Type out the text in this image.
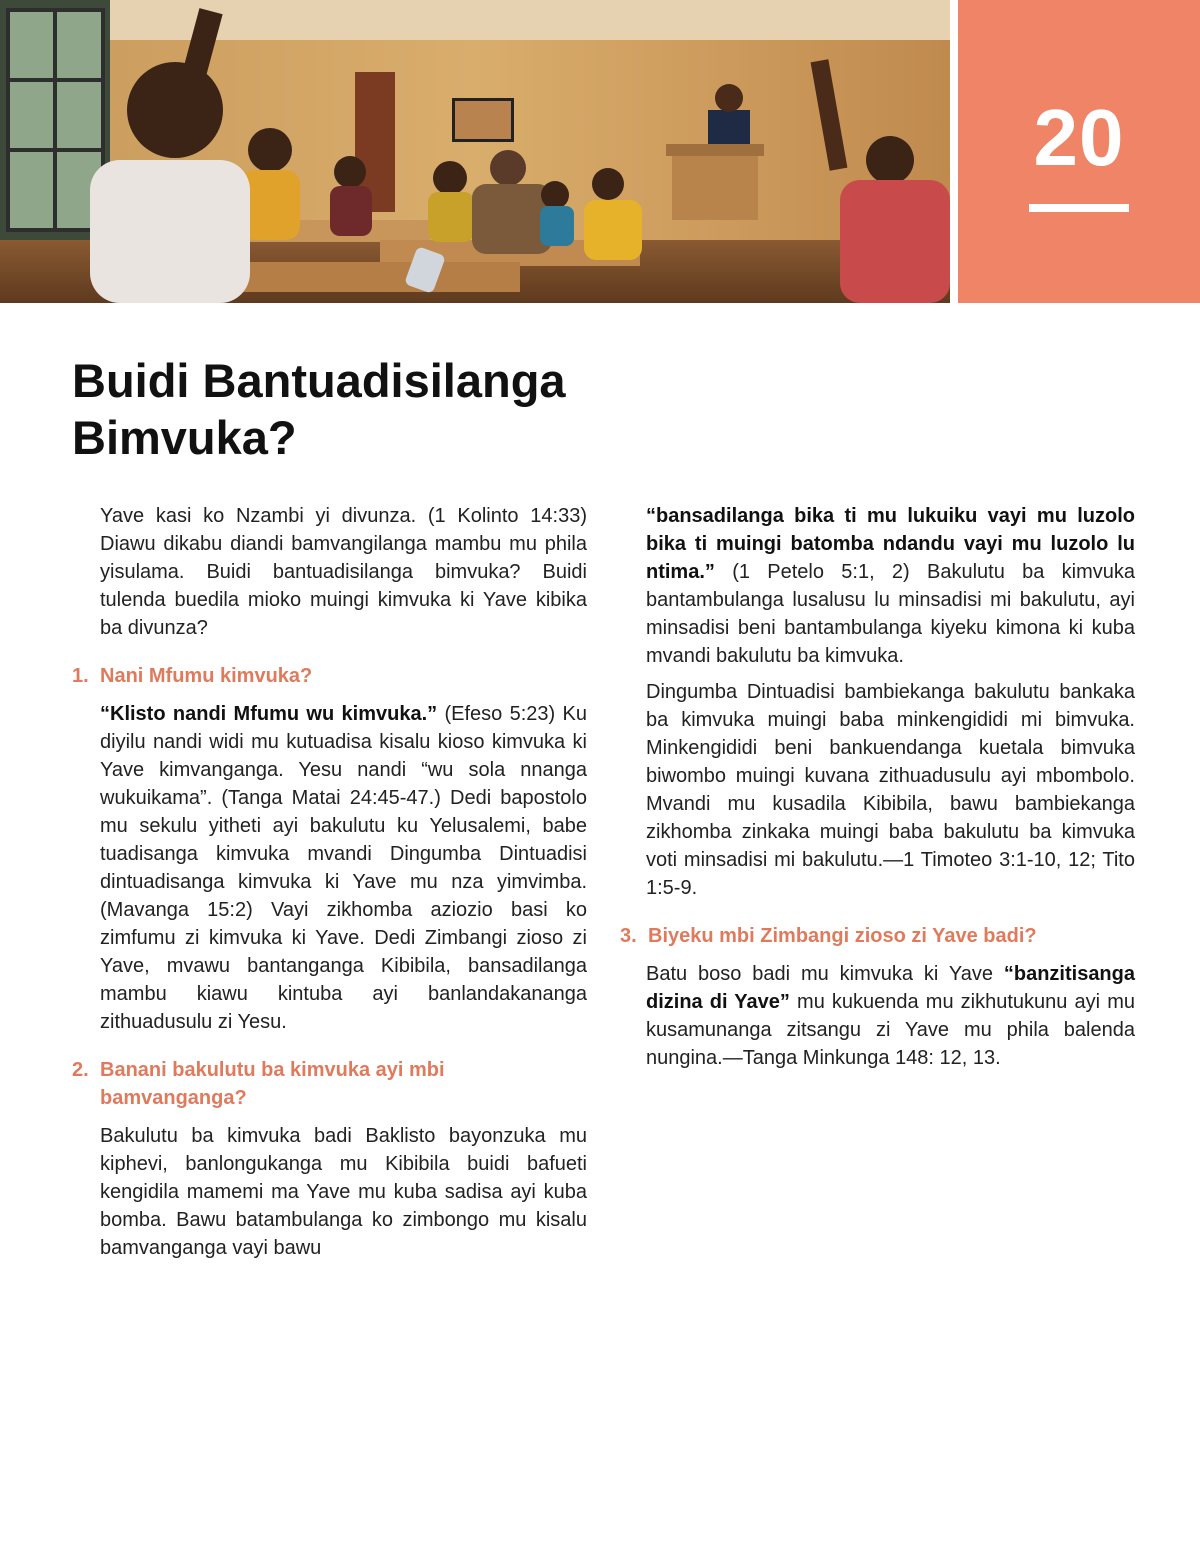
20
Buidi Bantuadisilanga Bimvuka?

Yave kasi ko Nzambi yi divunza. (1 Kolinto 14:33) Diawu dikabu diandi bamvangilanga mambu mu phila yisulama. Buidi bantuadisilanga bimvuka? Buidi tulenda buedila mioko muingi kimvuka ki Yave kibika ba divunza?

1. Nani Mfumu kimvuka?

“Klisto nandi Mfumu wu kimvuka.” (Efeso 5:23) Ku diyilu nandi widi mu kutuadisa kisalu kioso kimvuka ki Yave kimvanganga. Yesu nandi “wu sola nnanga wukuikama”. (Tanga Matai 24:45-47.) Dedi bapostolo mu sekulu yitheti ayi bakulutu ku Yelusalemi, babe tuadisanga kimvuka mvandi Dingumba Dintuadisi dintuadisanga kimvuka ki Yave mu nza yimvimba. (Mavanga 15:2) Vayi zikhomba aziozio basi ko zimfumu zi kimvuka ki Yave. Dedi Zimbangi zioso zi Yave, mvawu bantanganga Kibibila, bansadilanga mambu kiawu kintuba ayi banlandakananga zithuadusulu zi Yesu.

2. Banani bakulutu ba kimvuka ayi mbi bamvanganga?

Bakulutu ba kimvuka badi Baklisto bayonzuka mu kiphevi, banlongukanga mu Kibibila buidi bafueti kengidila mamemi ma Yave mu kuba sadisa ayi kuba bomba. Bawu batambulanga ko zimbongo mu kisalu bamvanganga vayi bawu

“bansadilanga bika ti mu lukuiku vayi mu luzolo bika ti muingi batomba ndandu vayi mu luzolo lu ntima.” (1 Petelo 5:1, 2) Bakulutu ba kimvuka bantambulanga lusalusu lu minsadisi mi bakulutu, ayi minsadisi beni bantambulanga kiyeku kimona ki kuba mvandi bakulutu ba kimvuka.

Dingumba Dintuadisi bambiekanga bakulutu bankaka ba kimvuka muingi baba minkengididi mi bimvuka. Minkengididi beni bankuendanga kuetala bimvuka biwombo muingi kuvana zithuadusulu ayi mbombolo. Mvandi mu kusadila Kibibila, bawu bambiekanga zikhomba zinkaka muingi baba bakulutu ba kimvuka voti minsadisi mi bakulutu.—1 Timoteo 3:1-10, 12; Tito 1:5-9.

3. Biyeku mbi Zimbangi zioso zi Yave badi?

Batu boso badi mu kimvuka ki Yave “banzitisanga dizina di Yave” mu kukuenda mu zikhutukunu ayi mu kusamunanga zitsangu zi Yave mu phila balenda nungina.—Tanga Minkunga 148: 12, 13.
